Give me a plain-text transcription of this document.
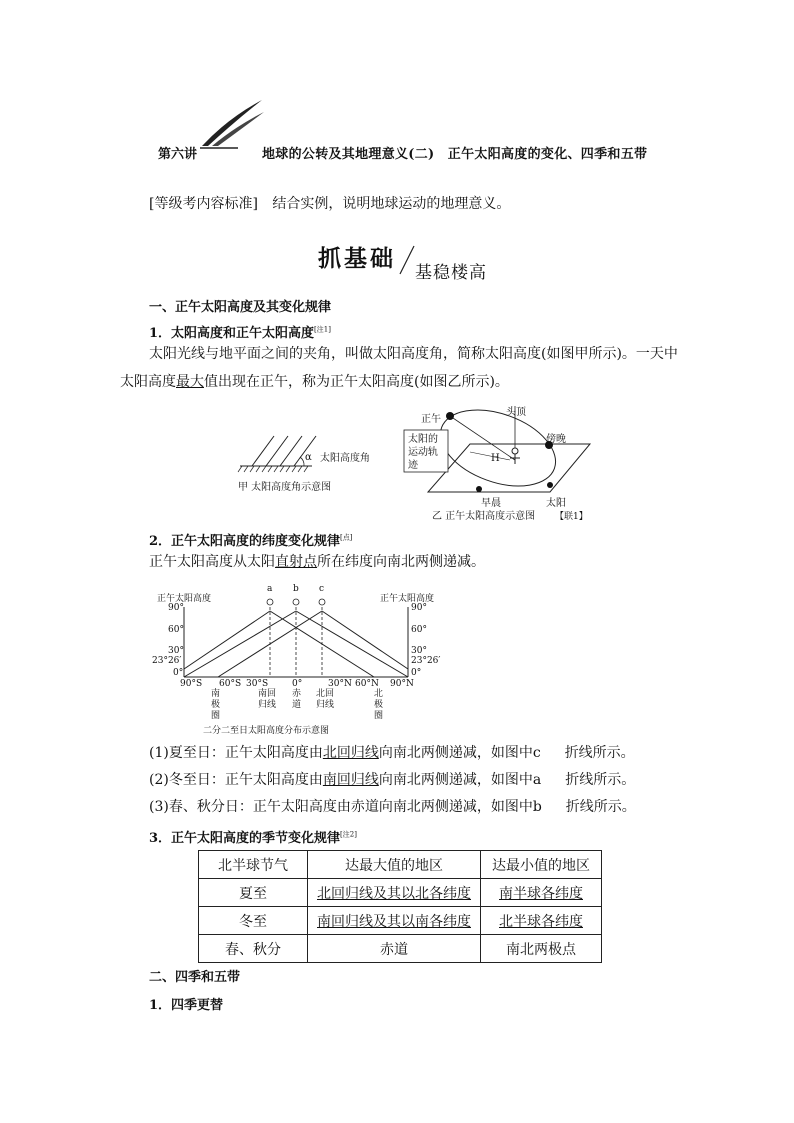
第六讲	地球的公转及其地理意义(二)　正午太阳高度的变化、四季和五带
[等级考内容标准] 结合实例，说明地球运动的地理意义。
抓基础
基稳楼高
一、正午太阳高度及其变化规律
1．太阳高度和正午太阳高度[注1]
太阳光线与地平面之间的夹角，叫做太阳高度角，简称太阳高度(如图甲所示)。一天中
太阳高度最大值出现在正午，称为正午太阳高度(如图乙所示)。
α 太阳高度角
甲 太阳高度角示意图
正午
头顶
傍晚
太阳的
运动轨
迹
H
早晨	太阳
乙 正午太阳高度示意图 【联1】
2．正午太阳高度的纬度变化规律[点]
正午太阳高度从太阳直射点所在纬度向南北两侧递减。
正午太阳高度	正午太阳高度
90°
60°
30°
23°26′
0°
90°
60°
30°
23°26′
0°
90°S 60°S 30°S	0°	30°N 60°N 90°N
a b c
南
极
圈
南回
归线
赤
道
北回
归线
北
极
圈
二分二至日太阳高度分布示意图
(1)夏至日：正午太阳高度由北回归线向南北两侧递减，如图中c 折线所示。
(2)冬至日：正午太阳高度由南回归线向南北两侧递减，如图中a 折线所示。
(3)春、秋分日：正午太阳高度由赤道向南北两侧递减，如图中b 折线所示。
3．正午太阳高度的季节变化规律[注2]
北半球节气	达最大值的地区	达最小值的地区
夏至	北回归线及其以北各纬度	南半球各纬度
冬至	南回归线及其以南各纬度	北半球各纬度
春、秋分	赤道	南北两极点
二、四季和五带
1．四季更替
